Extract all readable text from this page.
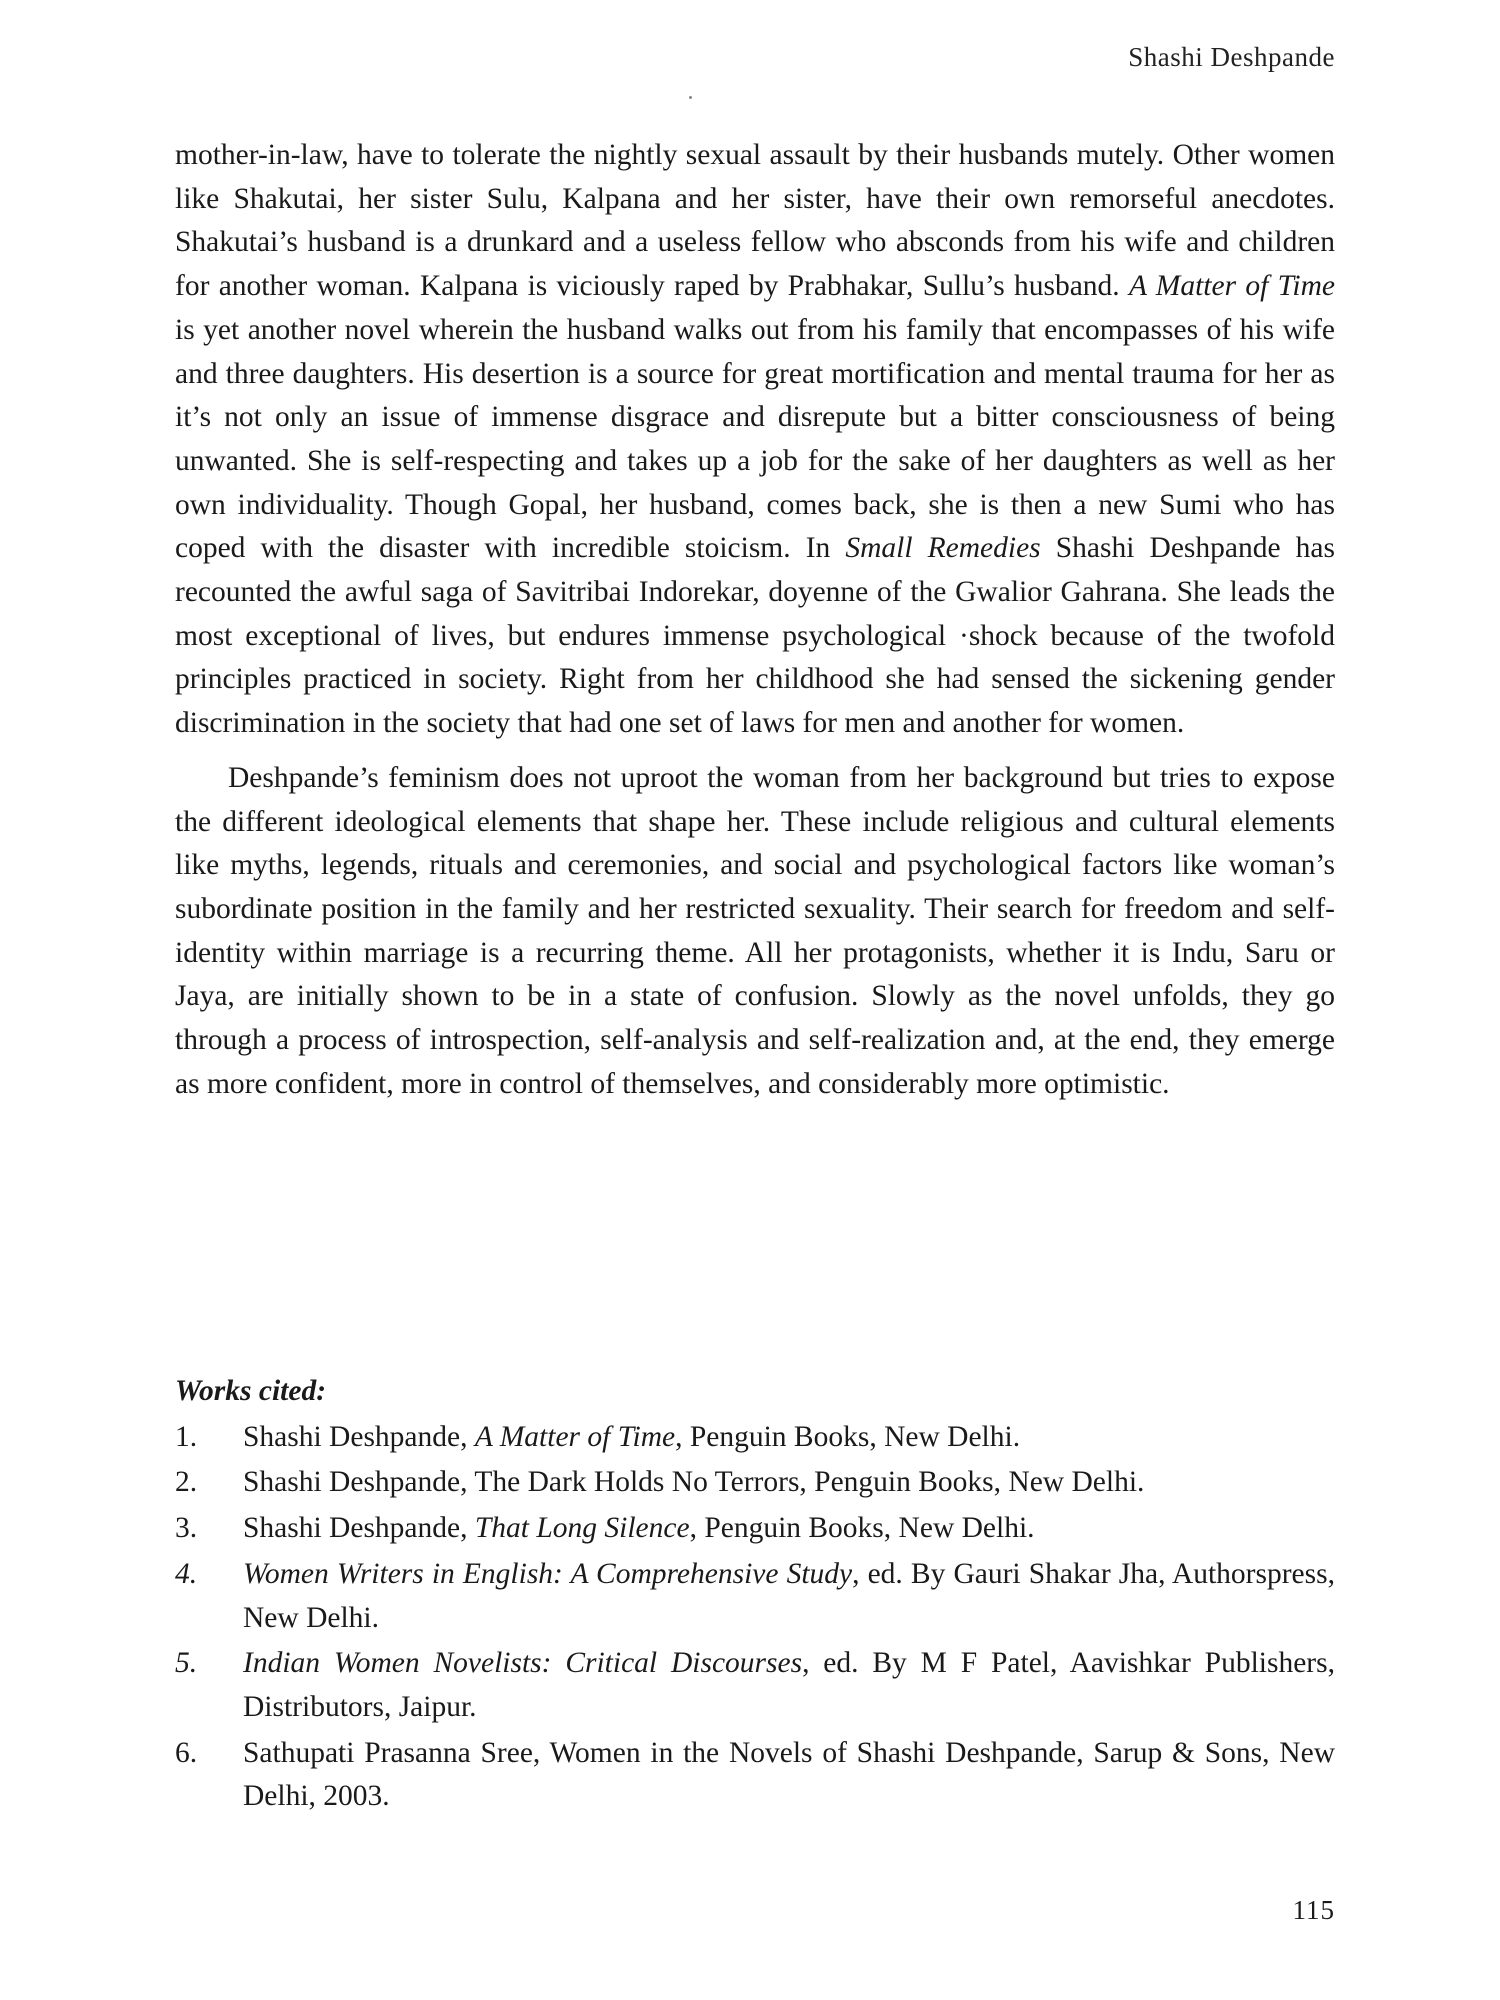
Shashi Deshpande

mother-in-law, have to tolerate the nightly sexual assault by their husbands mutely. Other women like Shakutai, her sister Sulu, Kalpana and her sister, have their own remorseful anecdotes. Shakutai’s husband is a drunkard and a useless fellow who absconds from his wife and children for another woman. Kalpana is viciously raped by Prabhakar, Sullu’s husband. A Matter of Time is yet another novel wherein the husband walks out from his family that encompasses of his wife and three daughters. His desertion is a source for great mortification and mental trauma for her as it’s not only an issue of immense disgrace and disrepute but a bitter consciousness of being unwanted. She is self-respecting and takes up a job for the sake of her daughters as well as her own individuality. Though Gopal, her husband, comes back, she is then a new Sumi who has coped with the disaster with incredible stoicism. In Small Remedies Shashi Deshpande has recounted the awful saga of Savitribai Indorekar, doyenne of the Gwalior Gahrana. She leads the most exceptional of lives, but endures immense psychological ·shock because of the twofold principles practiced in society. Right from her childhood she had sensed the sickening gender discrimination in the society that had one set of laws for men and another for women.

Deshpande’s feminism does not uproot the woman from her background but tries to expose the different ideological elements that shape her. These include religious and cultural elements like myths, legends, rituals and ceremonies, and social and psychological factors like woman’s subordinate position in the family and her restricted sexuality. Their search for freedom and self-identity within marriage is a recurring theme. All her protagonists, whether it is Indu, Saru or Jaya, are initially shown to be in a state of confusion. Slowly as the novel unfolds, they go through a process of introspection, self-analysis and self-realization and, at the end, they emerge as more confident, more in control of themselves, and considerably more optimistic.

Works cited:
1.	Shashi Deshpande, A Matter of Time, Penguin Books, New Delhi.
2.	Shashi Deshpande, The Dark Holds No Terrors, Penguin Books, New Delhi.
3.	Shashi Deshpande, That Long Silence, Penguin Books, New Delhi.
4.	Women Writers in English: A Comprehensive Study, ed. By Gauri Shakar Jha, Authorspress, New Delhi.
5.	Indian Women Novelists: Critical Discourses, ed. By M F Patel, Aavishkar Publishers, Distributors, Jaipur.
6.	Sathupati Prasanna Sree, Women in the Novels of Shashi Deshpande, Sarup & Sons, New Delhi, 2003.
115
